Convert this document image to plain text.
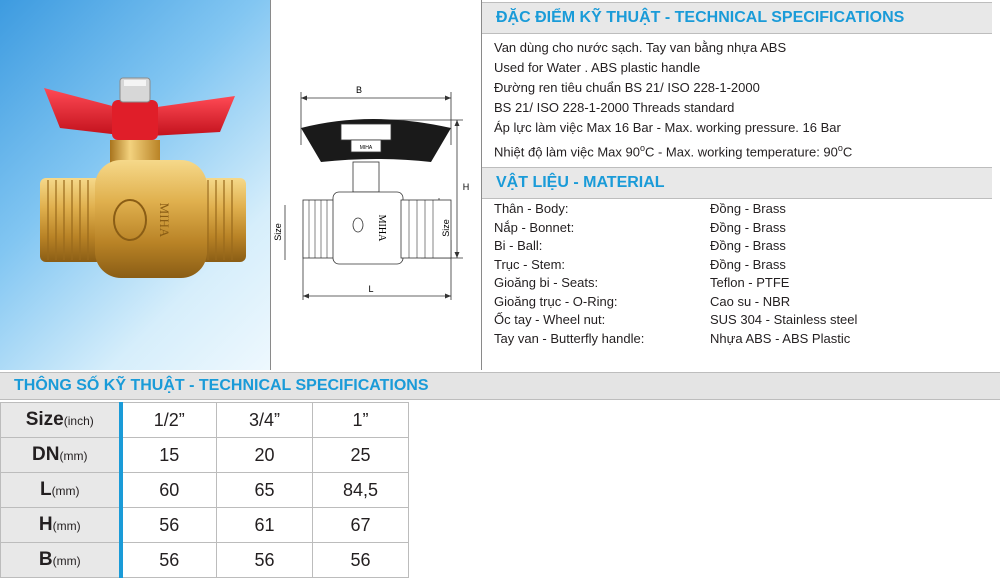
MIHA
B
H
L
Size	Size
MIHA
MIHA
ĐẶC ĐIỂM KỸ THUẬT - TECHNICAL SPECIFICATIONS
Van dùng cho nước sạch. Tay van bằng nhựa ABS
Used for Water . ABS plastic handle
Đường ren tiêu chuẩn BS 21/ ISO 228-1-2000
BS 21/ ISO 228-1-2000 Threads standard
Áp lực làm việc Max 16 Bar - Max. working pressure. 16 Bar
Nhiệt độ làm việc Max 90$^o$C - Max. working temperature: 90$^o$C
VẬT LIỆU - MATERIAL
Thân - Body:	Đồng - Brass
Nắp - Bonnet:	Đồng - Brass
Bi - Ball:	Đồng - Brass
Trục - Stem:	Đồng - Brass
Gioăng bi - Seats:	Teflon - PTFE
Gioăng trục - O-Ring:	Cao su - NBR
Ốc tay - Wheel nut:	SUS 304 - Stainless steel
Tay van - Butterfly handle:	Nhựa ABS - ABS Plastic
THÔNG SỐ KỸ THUẬT - TECHNICAL SPECIFICATIONS
Size(inch)	1/2”	3/4”	1”
DN(mm)	15	20	25
L(mm)	60	65	84,5
H(mm)	56	61	67
B(mm)	56	56	56
